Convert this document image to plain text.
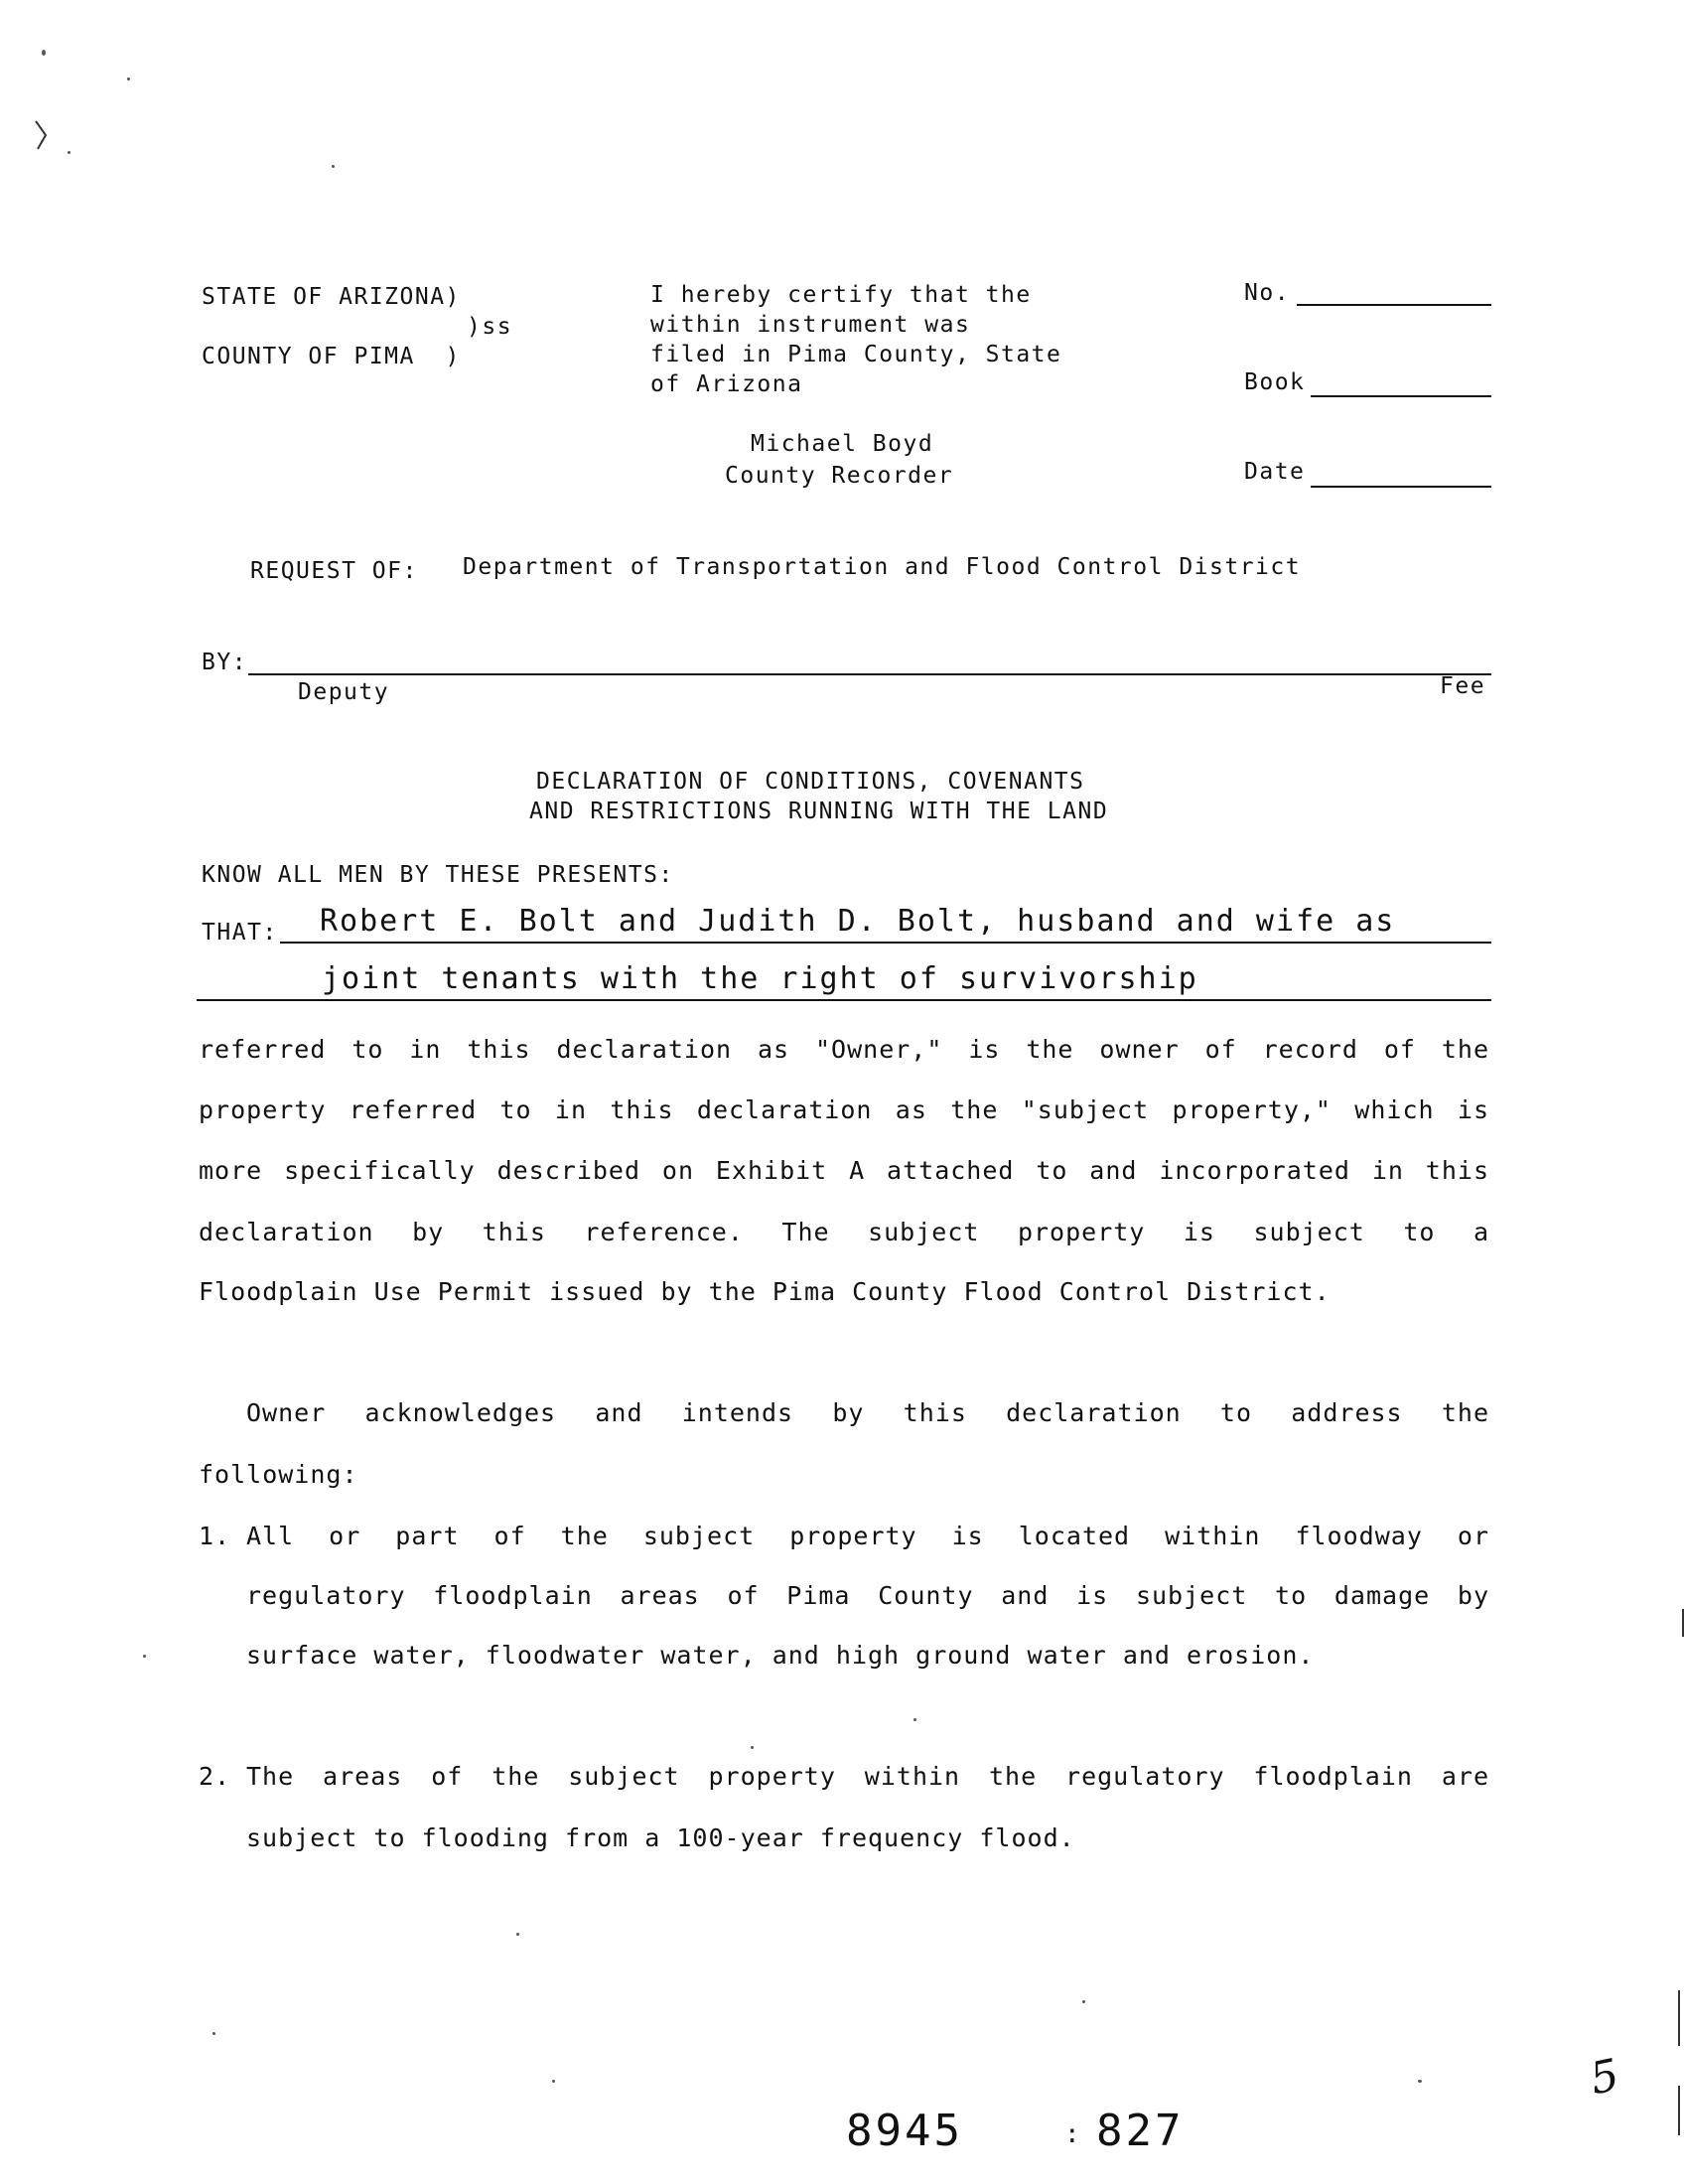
STATE OF ARIZONA)
)ss
COUNTY OF PIMA  )
I hereby certify that the
within instrument was
filed in Pima County, State
of Arizona
Michael Boyd
County Recorder
No.
Book
Date
REQUEST OF: Department of Transportation and Flood Control District
BY:
Deputy	Fee
DECLARATION OF CONDITIONS, COVENANTS
AND RESTRICTIONS RUNNING WITH THE LAND
KNOW ALL MEN BY THESE PRESENTS:
THAT: Robert E. Bolt and Judith D. Bolt, husband and wife as
joint tenants with the right of survivorship
referred to in this declaration as "Owner," is the owner of record of the
property referred to in this declaration as the "subject property," which is
more specifically described on Exhibit A attached to and incorporated in this
declaration by this reference. The subject property is subject to a
Floodplain Use Permit issued by the Pima County Flood Control District.
Owner acknowledges and intends by this declaration to address the
following:
1. All or part of the subject property is located within floodway or
regulatory floodplain areas of Pima County and is subject to damage by
surface water, floodwater water, and high ground water and erosion.
2. The areas of the subject property within the regulatory floodplain are
subject to flooding from a 100-year frequency flood.
8945	: 827
5
